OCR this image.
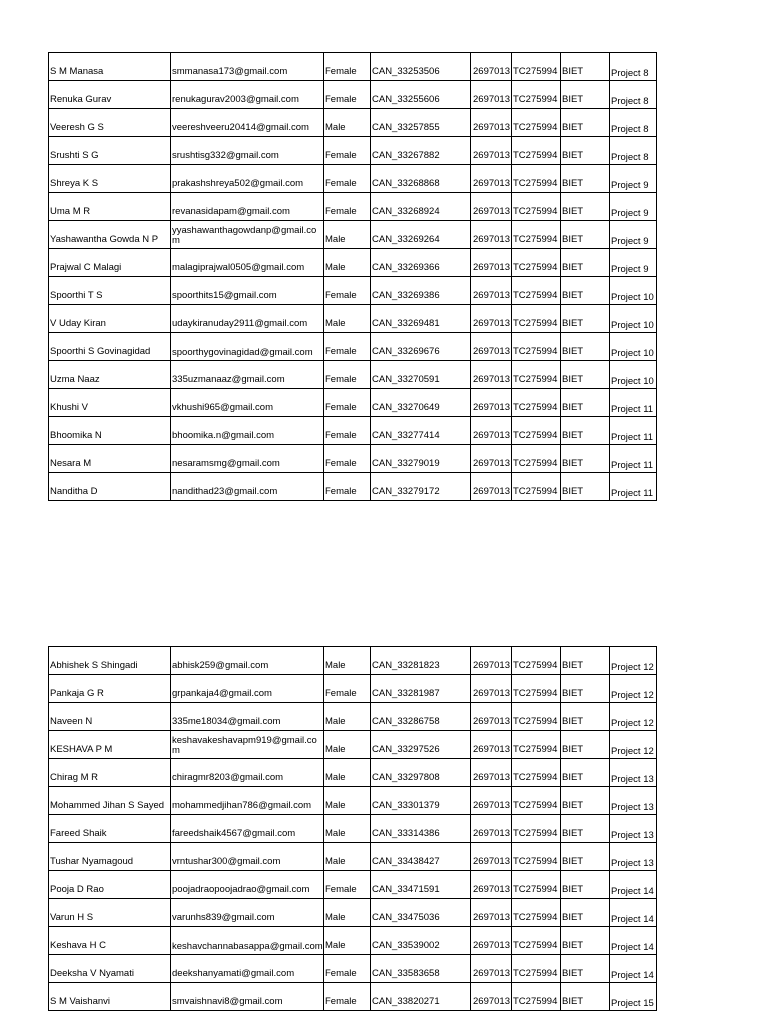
S M Manasa	smmanasa173@gmail.com	Female	CAN_33253506	2697013	TC275994	BIET	Project 8
Renuka Gurav	renukagurav2003@gmail.com	Female	CAN_33255606	2697013	TC275994	BIET	Project 8
Veeresh G S	veereshveeru20414@gmail.com	Male	CAN_33257855	2697013	TC275994	BIET	Project 8
Srushti S G	srushtisg332@gmail.com	Female	CAN_33267882	2697013	TC275994	BIET	Project 8
Shreya K S	prakashshreya502@gmail.com	Female	CAN_33268868	2697013	TC275994	BIET	Project 9
Uma M R	revanasidapam@gmail.com	Female	CAN_33268924	2697013	TC275994	BIET	Project 9
Yashawantha Gowda N P	yyashawanthagowdanp@gmail.com	Male	CAN_33269264	2697013	TC275994	BIET	Project 9
Prajwal C Malagi	malagiprajwal0505@gmail.com	Male	CAN_33269366	2697013	TC275994	BIET	Project 9
Spoorthi T S	spoorthits15@gmail.com	Female	CAN_33269386	2697013	TC275994	BIET	Project 10
V Uday Kiran	udaykiranuday2911@gmail.com	Male	CAN_33269481	2697013	TC275994	BIET	Project 10
Spoorthi S Govinagidad	spoorthygovinagidad@gmail.com	Female	CAN_33269676	2697013	TC275994	BIET	Project 10
Uzma Naaz	335uzmanaaz@gmail.com	Female	CAN_33270591	2697013	TC275994	BIET	Project 10
Khushi V	vkhushi965@gmail.com	Female	CAN_33270649	2697013	TC275994	BIET	Project 11
Bhoomika N	bhoomika.n@gmail.com	Female	CAN_33277414	2697013	TC275994	BIET	Project 11
Nesara M	nesaramsmg@gmail.com	Female	CAN_33279019	2697013	TC275994	BIET	Project 11
Nanditha D	nandithad23@gmail.com	Female	CAN_33279172	2697013	TC275994	BIET	Project 11
Abhishek S Shingadi	abhisk259@gmail.com	Male	CAN_33281823	2697013	TC275994	BIET	Project 12
Pankaja G R	grpankaja4@gmail.com	Female	CAN_33281987	2697013	TC275994	BIET	Project 12
Naveen N	335me18034@gmail.com	Male	CAN_33286758	2697013	TC275994	BIET	Project 12
KESHAVA P M	keshavakeshavapm919@gmail.com	Male	CAN_33297526	2697013	TC275994	BIET	Project 12
Chirag M R	chiragmr8203@gmail.com	Male	CAN_33297808	2697013	TC275994	BIET	Project 13
Mohammed Jihan S Sayed	mohammedjihan786@gmail.com	Male	CAN_33301379	2697013	TC275994	BIET	Project 13
Fareed Shaik	fareedshaik4567@gmail.com	Male	CAN_33314386	2697013	TC275994	BIET	Project 13
Tushar Nyamagoud	vrntushar300@gmail.com	Male	CAN_33438427	2697013	TC275994	BIET	Project 13
Pooja D Rao	poojadraopoojadrao@gmail.com	Female	CAN_33471591	2697013	TC275994	BIET	Project 14
Varun H S	varunhs839@gmail.com	Male	CAN_33475036	2697013	TC275994	BIET	Project 14
Keshava H C	keshavchannabasappa@gmail.com	Male	CAN_33539002	2697013	TC275994	BIET	Project 14
Deeksha V Nyamati	deekshanyamati@gmail.com	Female	CAN_33583658	2697013	TC275994	BIET	Project 14
S M Vaishanvi	smvaishnavi8@gmail.com	Female	CAN_33820271	2697013	TC275994	BIET	Project 15
